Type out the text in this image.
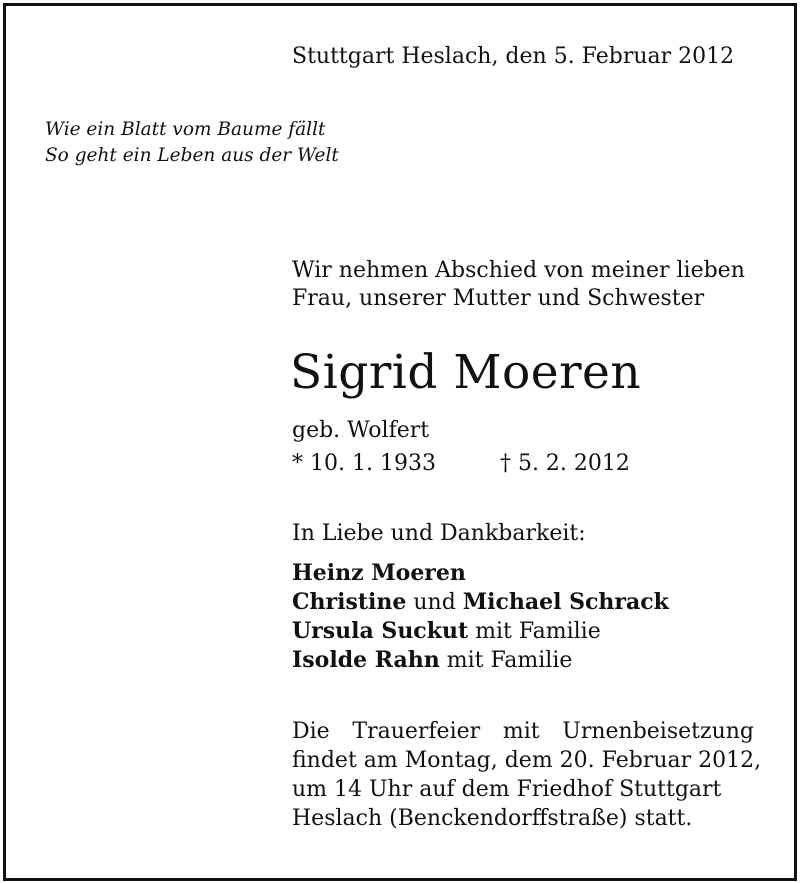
Stuttgart Heslach, den 5. Februar 2012
Wie ein Blatt vom Baume fällt
So geht ein Leben aus der Welt
Wir nehmen Abschied von meiner lieben
Frau, unserer Mutter und Schwester
Sigrid Moeren
geb. Wolfert
* 10. 1. 1933	† 5. 2. 2012
In Liebe und Dankbarkeit:
Heinz Moeren
Christine und Michael Schrack
Ursula Suckut mit Familie
Isolde Rahn mit Familie
Die Trauerfeier mit Urnenbeisetzung
findet am Montag, dem 20. Februar 2012,
um 14 Uhr auf dem Friedhof Stuttgart
Heslach (Benckendorffstraße) statt.
